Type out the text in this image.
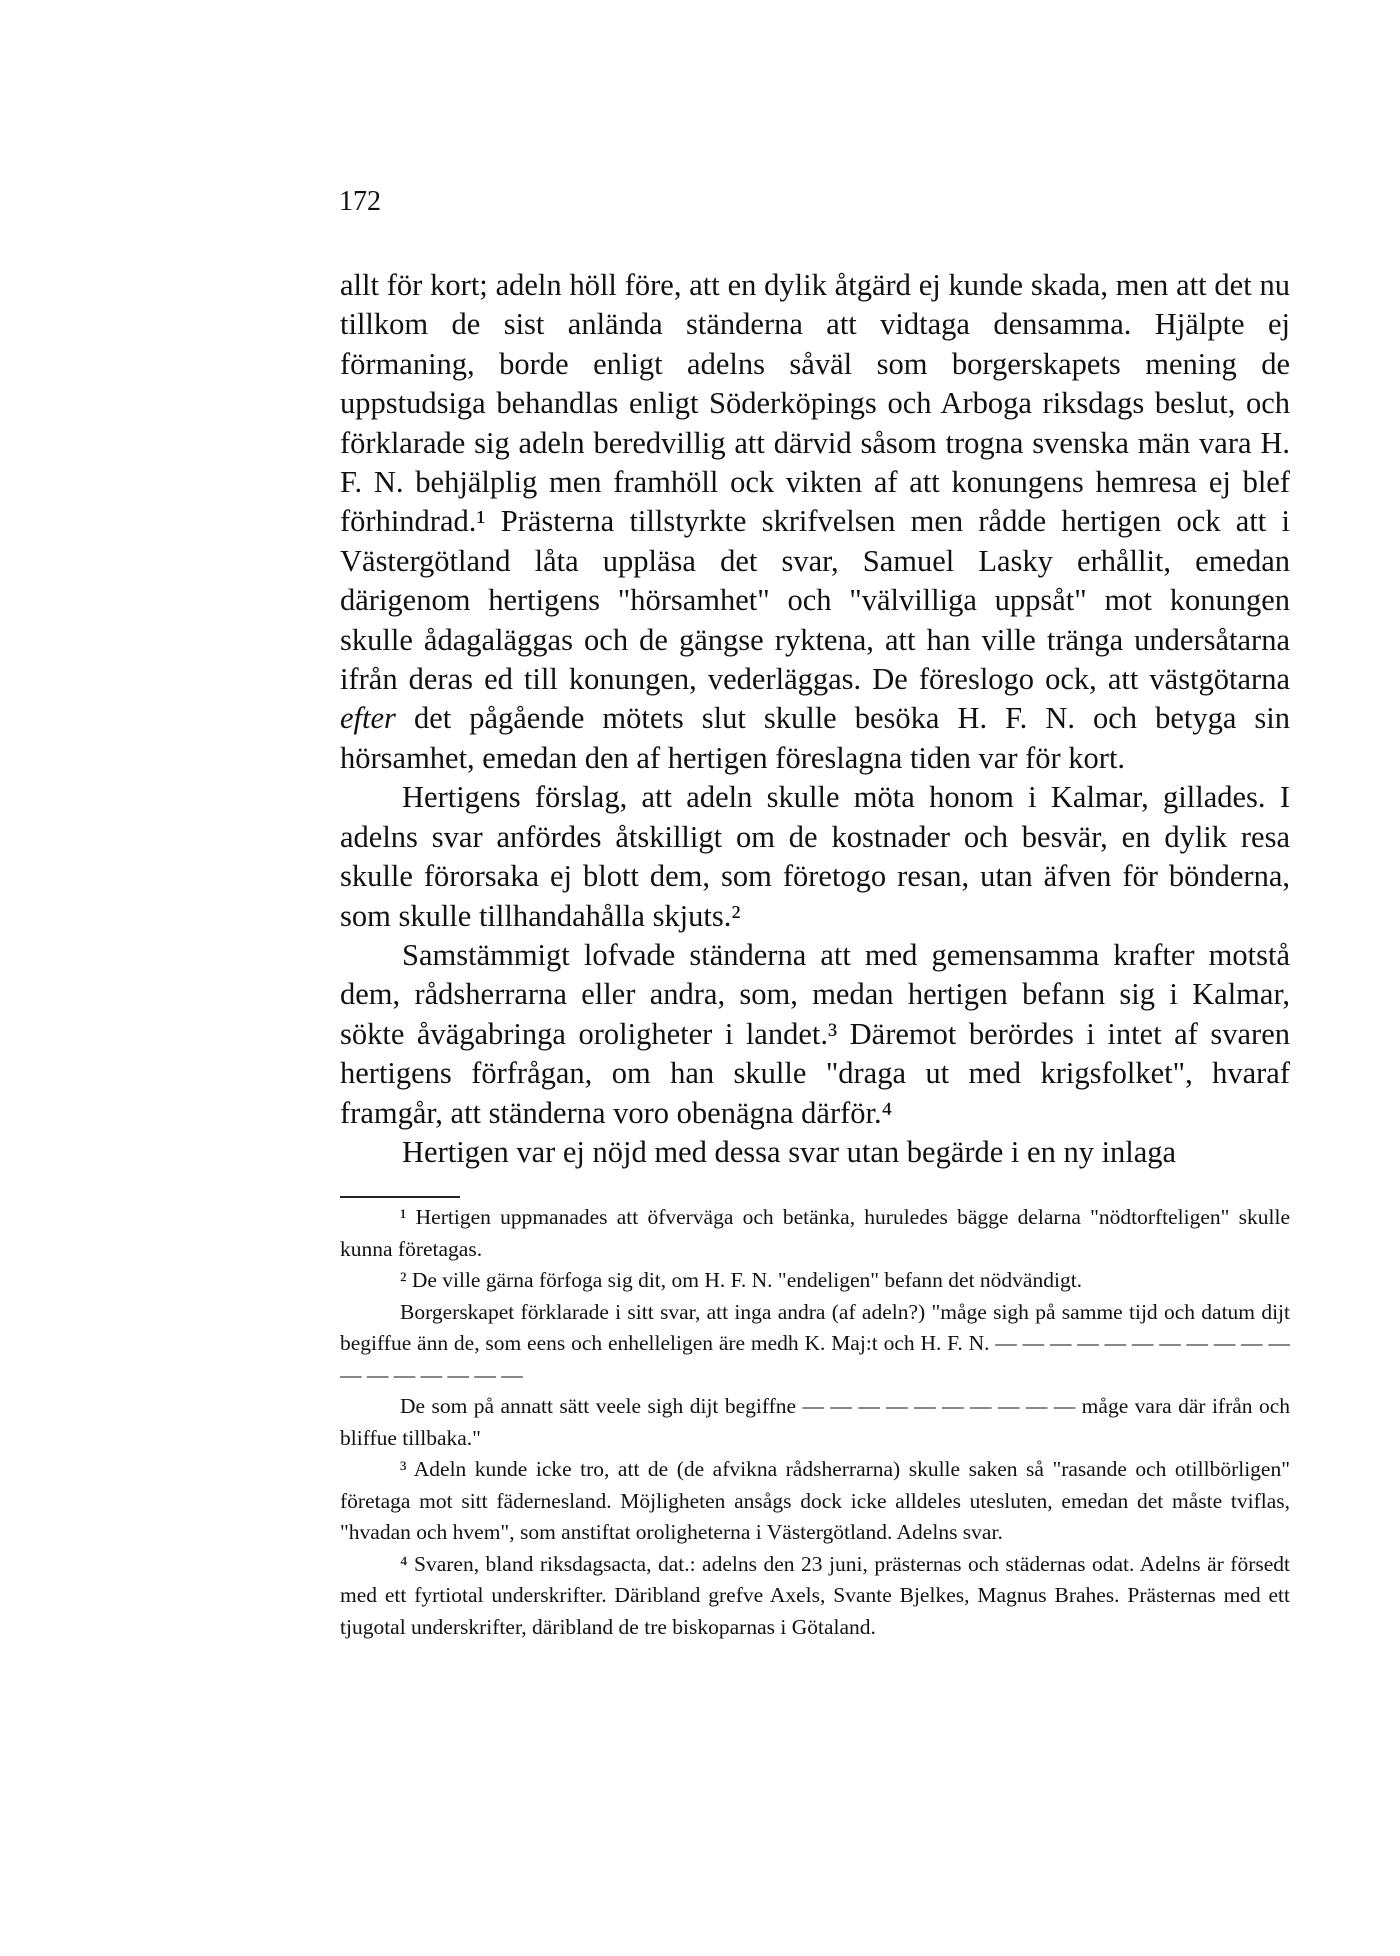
172

allt för kort; adeln höll före, att en dylik åtgärd ej kunde skada, men att det nu tillkom de sist anlända ständerna att vidtaga densamma. Hjälpte ej förmaning, borde enligt adelns såväl som borgerskapets mening de uppstudsiga behandlas enligt Söderköpings och Arboga riksdags beslut, och förklarade sig adeln beredvillig att därvid såsom trogna svenska män vara H. F. N. behjälplig men framhöll ock vikten af att konungens hemresa ej blef förhindrad.¹ Prästerna tillstyrkte skrifvelsen men rådde hertigen ock att i Västergötland låta uppläsa det svar, Samuel Lasky erhållit, emedan därigenom hertigens "hörsamhet" och "välvilliga uppsåt" mot konungen skulle ådagaläggas och de gängse ryktena, att han ville tränga undersåtarna ifrån deras ed till konungen, vederläggas. De föreslogo ock, att västgötarna efter det pågående mötets slut skulle besöka H. F. N. och betyga sin hörsamhet, emedan den af hertigen föreslagna tiden var för kort.

Hertigens förslag, att adeln skulle möta honom i Kalmar, gillades. I adelns svar anfördes åtskilligt om de kostnader och besvär, en dylik resa skulle förorsaka ej blott dem, som företogo resan, utan äfven för bönderna, som skulle tillhandahålla skjuts.²

Samstämmigt lofvade ständerna att med gemensamma krafter motstå dem, rådsherrarna eller andra, som, medan hertigen befann sig i Kalmar, sökte åvägabringa oroligheter i landet.³ Däremot berördes i intet af svaren hertigens förfrågan, om han skulle "draga ut med krigsfolket", hvaraf framgår, att ständerna voro obenägna därför.⁴

Hertigen var ej nöjd med dessa svar utan begärde i en ny inlaga

¹ Hertigen uppmanades att öfverväga och betänka, huruledes bägge delarna "nödtorfteligen" skulle kunna företagas.

² De ville gärna förfoga sig dit, om H. F. N. "endeligen" befann det nödvändigt.

Borgerskapet förklarade i sitt svar, att inga andra (af adeln?) "måge sigh på samme tijd och datum dijt begiffue änn de, som eens och enhelleligen äre medh K. Maj:t och H. F. N. — — — — — — — — — — — — — — — — — —

De som på annatt sätt veele sigh dijt begiffne — — — — — — — — — — måge vara där ifrån och bliffue tillbaka."

³ Adeln kunde icke tro, att de (de afvikna rådsherrarna) skulle saken så "rasande och otillbörligen" företaga mot sitt fädernesland. Möjligheten ansågs dock icke alldeles utesluten, emedan det måste tviflas, "hvadan och hvem", som anstiftat oroligheterna i Västergötland. Adelns svar.

⁴ Svaren, bland riksdagsacta, dat.: adelns den 23 juni, prästernas och städernas odat. Adelns är försedt med ett fyrtiotal underskrifter. Däribland grefve Axels, Svante Bjelkes, Magnus Brahes. Prästernas med ett tjugotal underskrifter, däribland de tre biskoparnas i Götaland.
